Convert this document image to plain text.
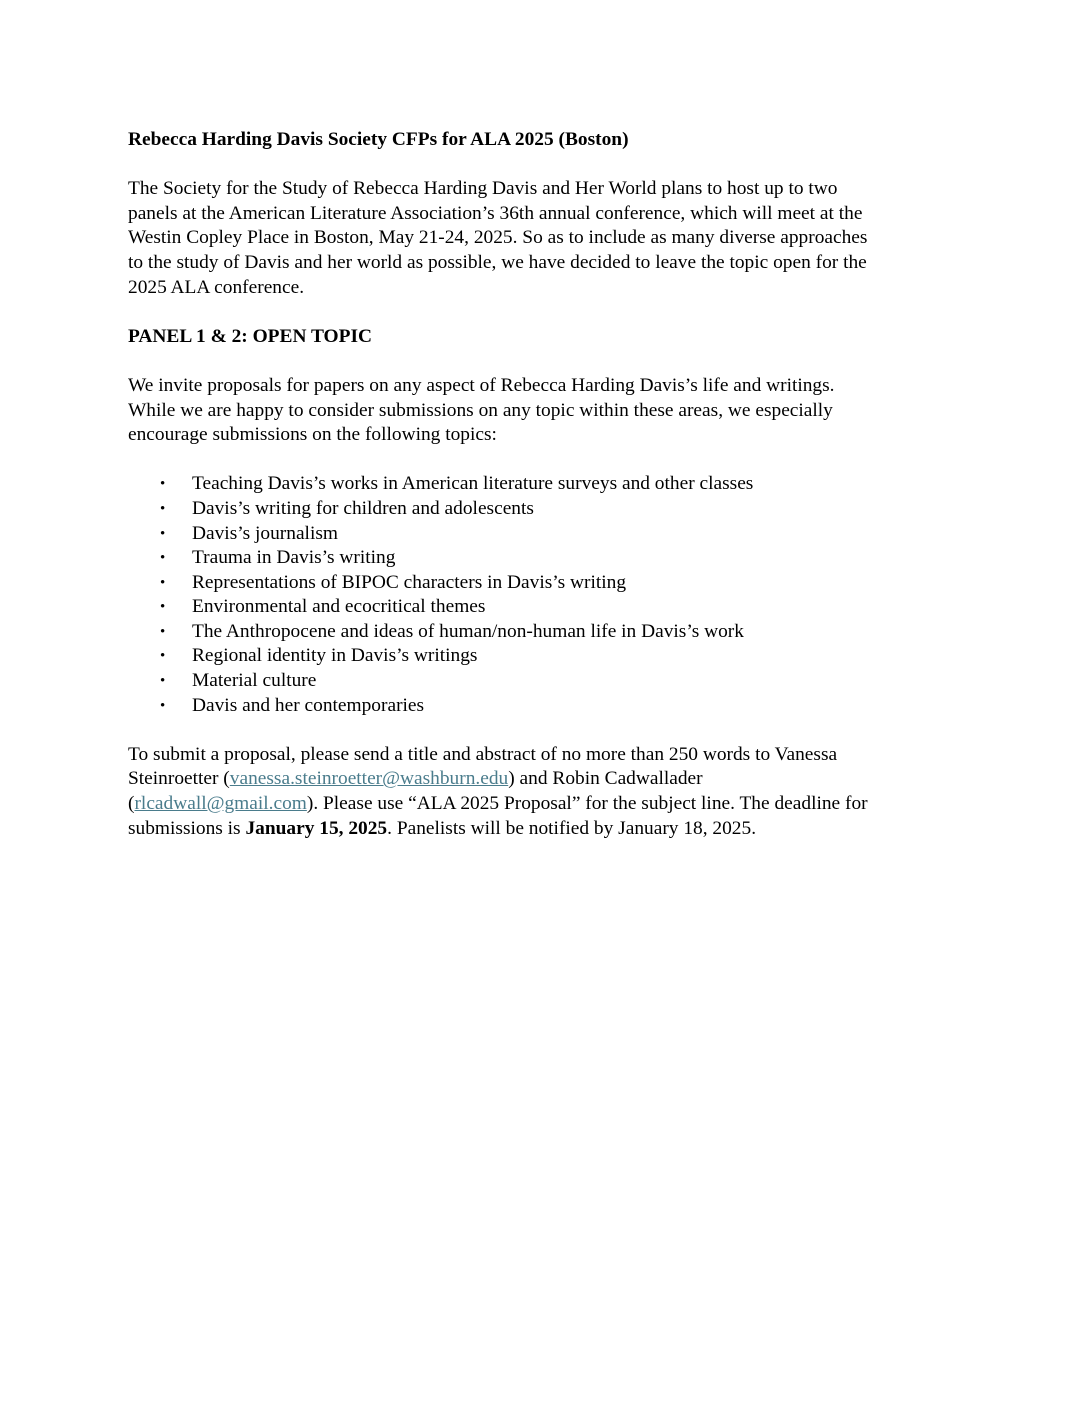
Rebecca Harding Davis Society CFPs for ALA 2025 (Boston)
The Society for the Study of Rebecca Harding Davis and Her World plans to host up to two
panels at the American Literature Association’s 36th annual conference, which will meet at the
Westin Copley Place in Boston, May 21-24, 2025. So as to include as many diverse approaches
to the study of Davis and her world as possible, we have decided to leave the topic open for the
2025 ALA conference.
PANEL 1 & 2: OPEN TOPIC
We invite proposals for papers on any aspect of Rebecca Harding Davis’s life and writings.
While we are happy to consider submissions on any topic within these areas, we especially
encourage submissions on the following topics:
• Teaching Davis’s works in American literature surveys and other classes
• Davis’s writing for children and adolescents
• Davis’s journalism
• Trauma in Davis’s writing
• Representations of BIPOC characters in Davis’s writing
• Environmental and ecocritical themes
• The Anthropocene and ideas of human/non-human life in Davis’s work
• Regional identity in Davis’s writings
• Material culture
• Davis and her contemporaries
To submit a proposal, please send a title and abstract of no more than 250 words to Vanessa
Steinroetter (vanessa.steinroetter@washburn.edu) and Robin Cadwallader
(rlcadwall@gmail.com). Please use “ALA 2025 Proposal” for the subject line. The deadline for
submissions is January 15, 2025. Panelists will be notified by January 18, 2025.
